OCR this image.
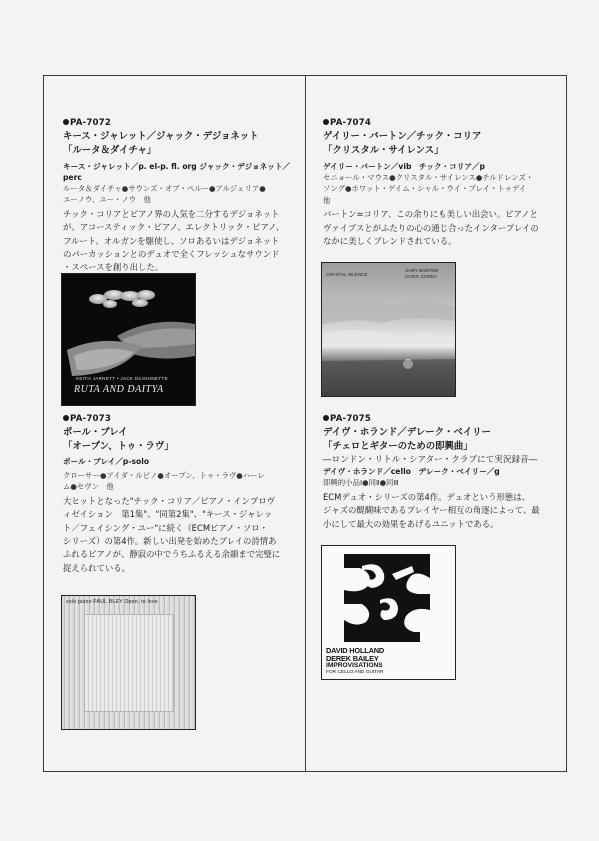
PA-7072
キース・ジャレット／ジャック・デジョネット
「ルータ＆ダイチャ」
キース・ジャレット／p. el-p. fl. org ジャック・デジョネット／perc
ルータ＆ダイチャ●サウンズ・オブ・ペルー●アルジェリア●
ユーノウ、ユー・ノウ　他
チック・コリアとピアノ界の人気を二分するデジョネット
が、アコースティック・ピアノ、エレクトリック・ピアノ、
フルート、オルガンを駆使し、ソロあるいはデジョネット
のパーカッションとのデュオで全くフレッシュなサウンド
・スペースを創り出した。
KEITH JARRETT • JACK DeJOHNETTE
RUTA AND DAITYA
PA-7073
ポール・ブレイ
「オープン、トゥ・ラヴ」
ポール・ブレイ／p-solo
クローサー●アイダ・ルピノ●オープン、トゥ・ラヴ●ハーレ
ム●セヴン　他
大ヒットとなった"チック・コリア／ピアノ・インプロヴ
ィゼイション　第1集"、"同第2集"、"キース・ジャレッ
ト／フェイシング・ユー"に続く（ECMピアノ・ソロ・
シリーズ）の第4作。新しい出発を始めたブレイの詩情あ
ふれるピアノが、静寂の中でうちふるえる余韻まで完璧に
捉えられている。
solo piano PAUL BLEY Open, to love
PA-7074
ゲイリー・バートン／チック・コリア
「クリスタル・サイレンス」
ゲイリー・バートン／vib　チック・コリア／p
セニョール・マウス●クリスタル・サイレンス●チルドレンズ・
ソング●ホワット・ゲイム・シャル・ウイ・プレイ・トゥデイ
他
バートン=コリア、この余りにも美しい出会い。ピアノと
ヴァイブスとがふたりの心の通じ合ったインタープレイの
なかに美しくブレンドされている。
CRYSTAL SILENCE
GARY BURTON
CHICK COREA
PA-7075
デイヴ・ホランド／デレーク・ベイリー
「チェロとギターのための即興曲」
―ロンドン・リトル・シアター・クラブにて実況録音―
デイヴ・ホランド／cello　デレーク・ベイリー／g
即興的小品Ⅰ●同Ⅱ●同Ⅲ
ECMデュオ・シリーズの第4作。デュオという形態は、
ジャズの醍醐味であるプレイヤー相互の角逐によって、最
小にして最大の効果をあげるユニットである。
DAVID HOLLAND
DEREK BAILEY
IMPROVISATIONS
FOR CELLO AND GUITAR
